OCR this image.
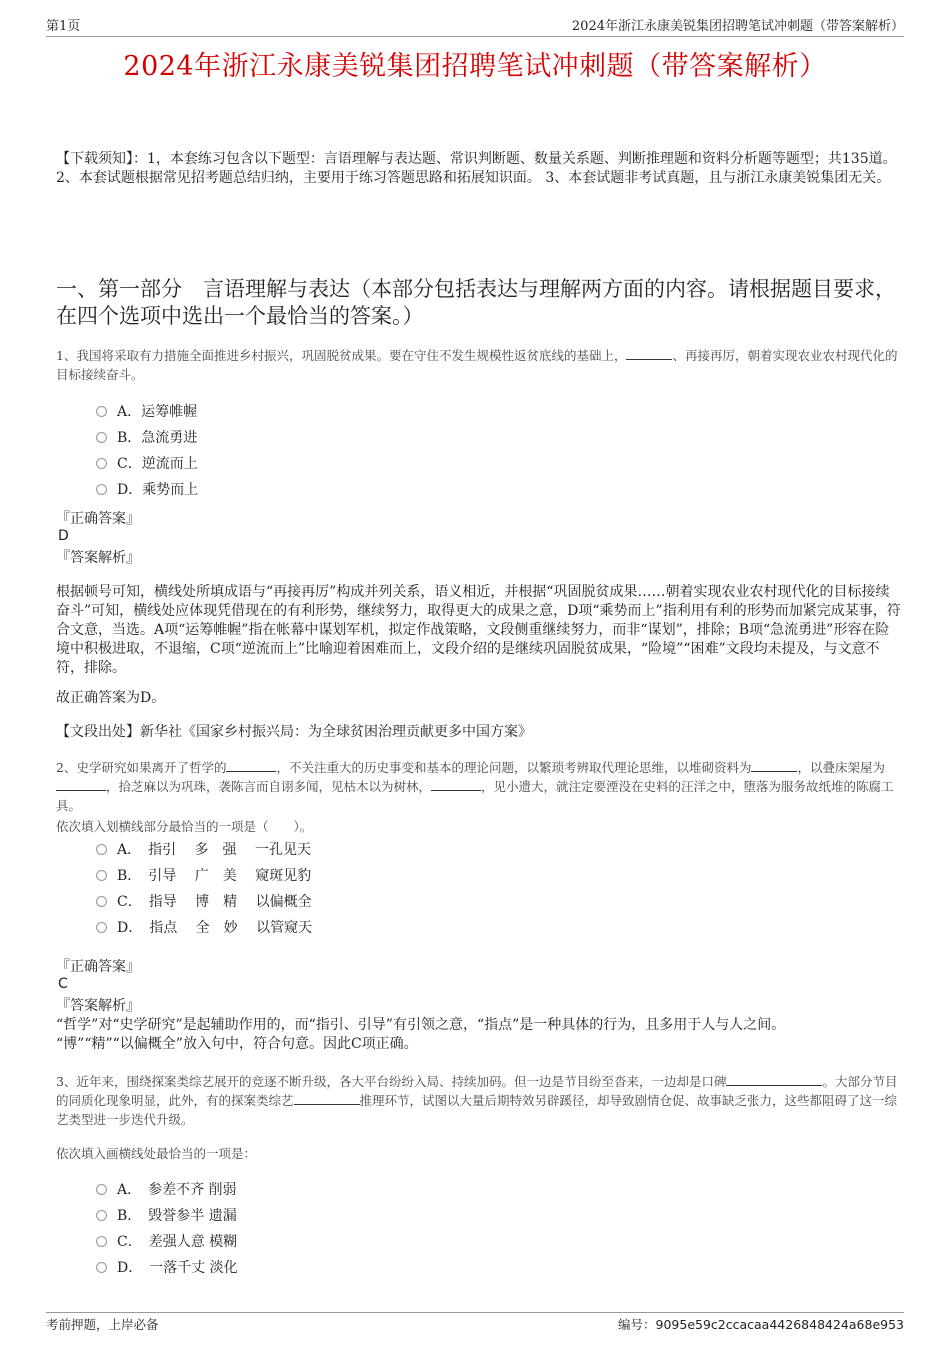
第1页	2024年浙江永康美锐集团招聘笔试冲刺题（带答案解析）
2024年浙江永康美锐集团招聘笔试冲刺题（带答案解析）
【下载须知】：1，本套练习包含以下题型：言语理解与表达题、常识判断题、数量关系题、判断推理题和资料分析题等题型；共135道。 2、本套试题根据常见招考题总结归纳，主要用于练习答题思路和拓展知识面。 3、本套试题非考试真题，且与浙江永康美锐集团无关。
一、第一部分　言语理解与表达（本部分包括表达与理解两方面的内容。请根据题目要求，在四个选项中选出一个最恰当的答案。）
1、我国将采取有力措施全面推进乡村振兴，巩固脱贫成果。要在守住不发生规模性返贫底线的基础上，	、再接再厉，朝着实现农业农村现代化的目标接续奋斗。
A．运筹帷幄
B．急流勇进
C．逆流而上
D．乘势而上
『正确答案』
D
『答案解析』
根据顿号可知，横线处所填成语与“再接再厉”构成并列关系，语义相近，并根据“巩固脱贫成果……朝着实现农业农村现代化的目标接续奋斗”可知，横线处应体现凭借现在的有利形势，继续努力，取得更大的成果之意，D项“乘势而上”指利用有利的形势而加紧完成某事，符合文意，当选。A项“运筹帷幄”指在帐幕中谋划军机，拟定作战策略，文段侧重继续努力，而非“谋划”，排除；B项“急流勇进”形容在险境中积极进取，不退缩，C项“逆流而上”比喻迎着困难而上，文段介绍的是继续巩固脱贫成果，“险境”“困难”文段均未提及，与文意不符，排除。
故正确答案为D。
【文段出处】新华社《国家乡村振兴局：为全球贫困治理贡献更多中国方案》
2、史学研究如果离开了哲学的	，不关注重大的历史事变和基本的理论问题，以繁琐考辨取代理论思维，以堆砌资料为	，以叠床架屋为，拾芝麻以为巩珠，袭陈言而自诩多闻，见枯木以为树林，	，见小遗大，就注定要湮没在史料的汪洋之中，堕落为服务故纸堆的陈腐工具。
依次填入划横线部分最恰当的一项是（　　）。
A．　指引　 多　强　 一孔见天
B．　引导　 广　美　 窥斑见豹
C．　指导　 博　精　 以偏概全
D．　指点　 全　妙　 以管窥天
『正确答案』
C
『答案解析』
“哲学”对“史学研究”是起辅助作用的，而“指引、引导”有引领之意，“指点”是一种具体的行为，且多用于人与人之间。
“博”“精”“以偏概全”放入句中，符合句意。因此C项正确。
3、近年来，围绕探案类综艺展开的竞逐不断升级，各大平台纷纷入局、持续加码。但一边是节目纷至沓来，一边却是口碑	。大部分节目的同质化现象明显，此外，有的探案类综艺	推理环节，试图以大量后期特效另辟蹊径，却导致剧情仓促、故事缺乏张力，这些都阻碍了这一综艺类型进一步迭代升级。
依次填入画横线处最恰当的一项是：
A．　参差不齐 削弱
B．　毁誉参半 遗漏
C．　差强人意 模糊
D．　一落千丈 淡化
考前押题，上岸必备	编号：9095e59c2ccacaa4426848424a68e953
